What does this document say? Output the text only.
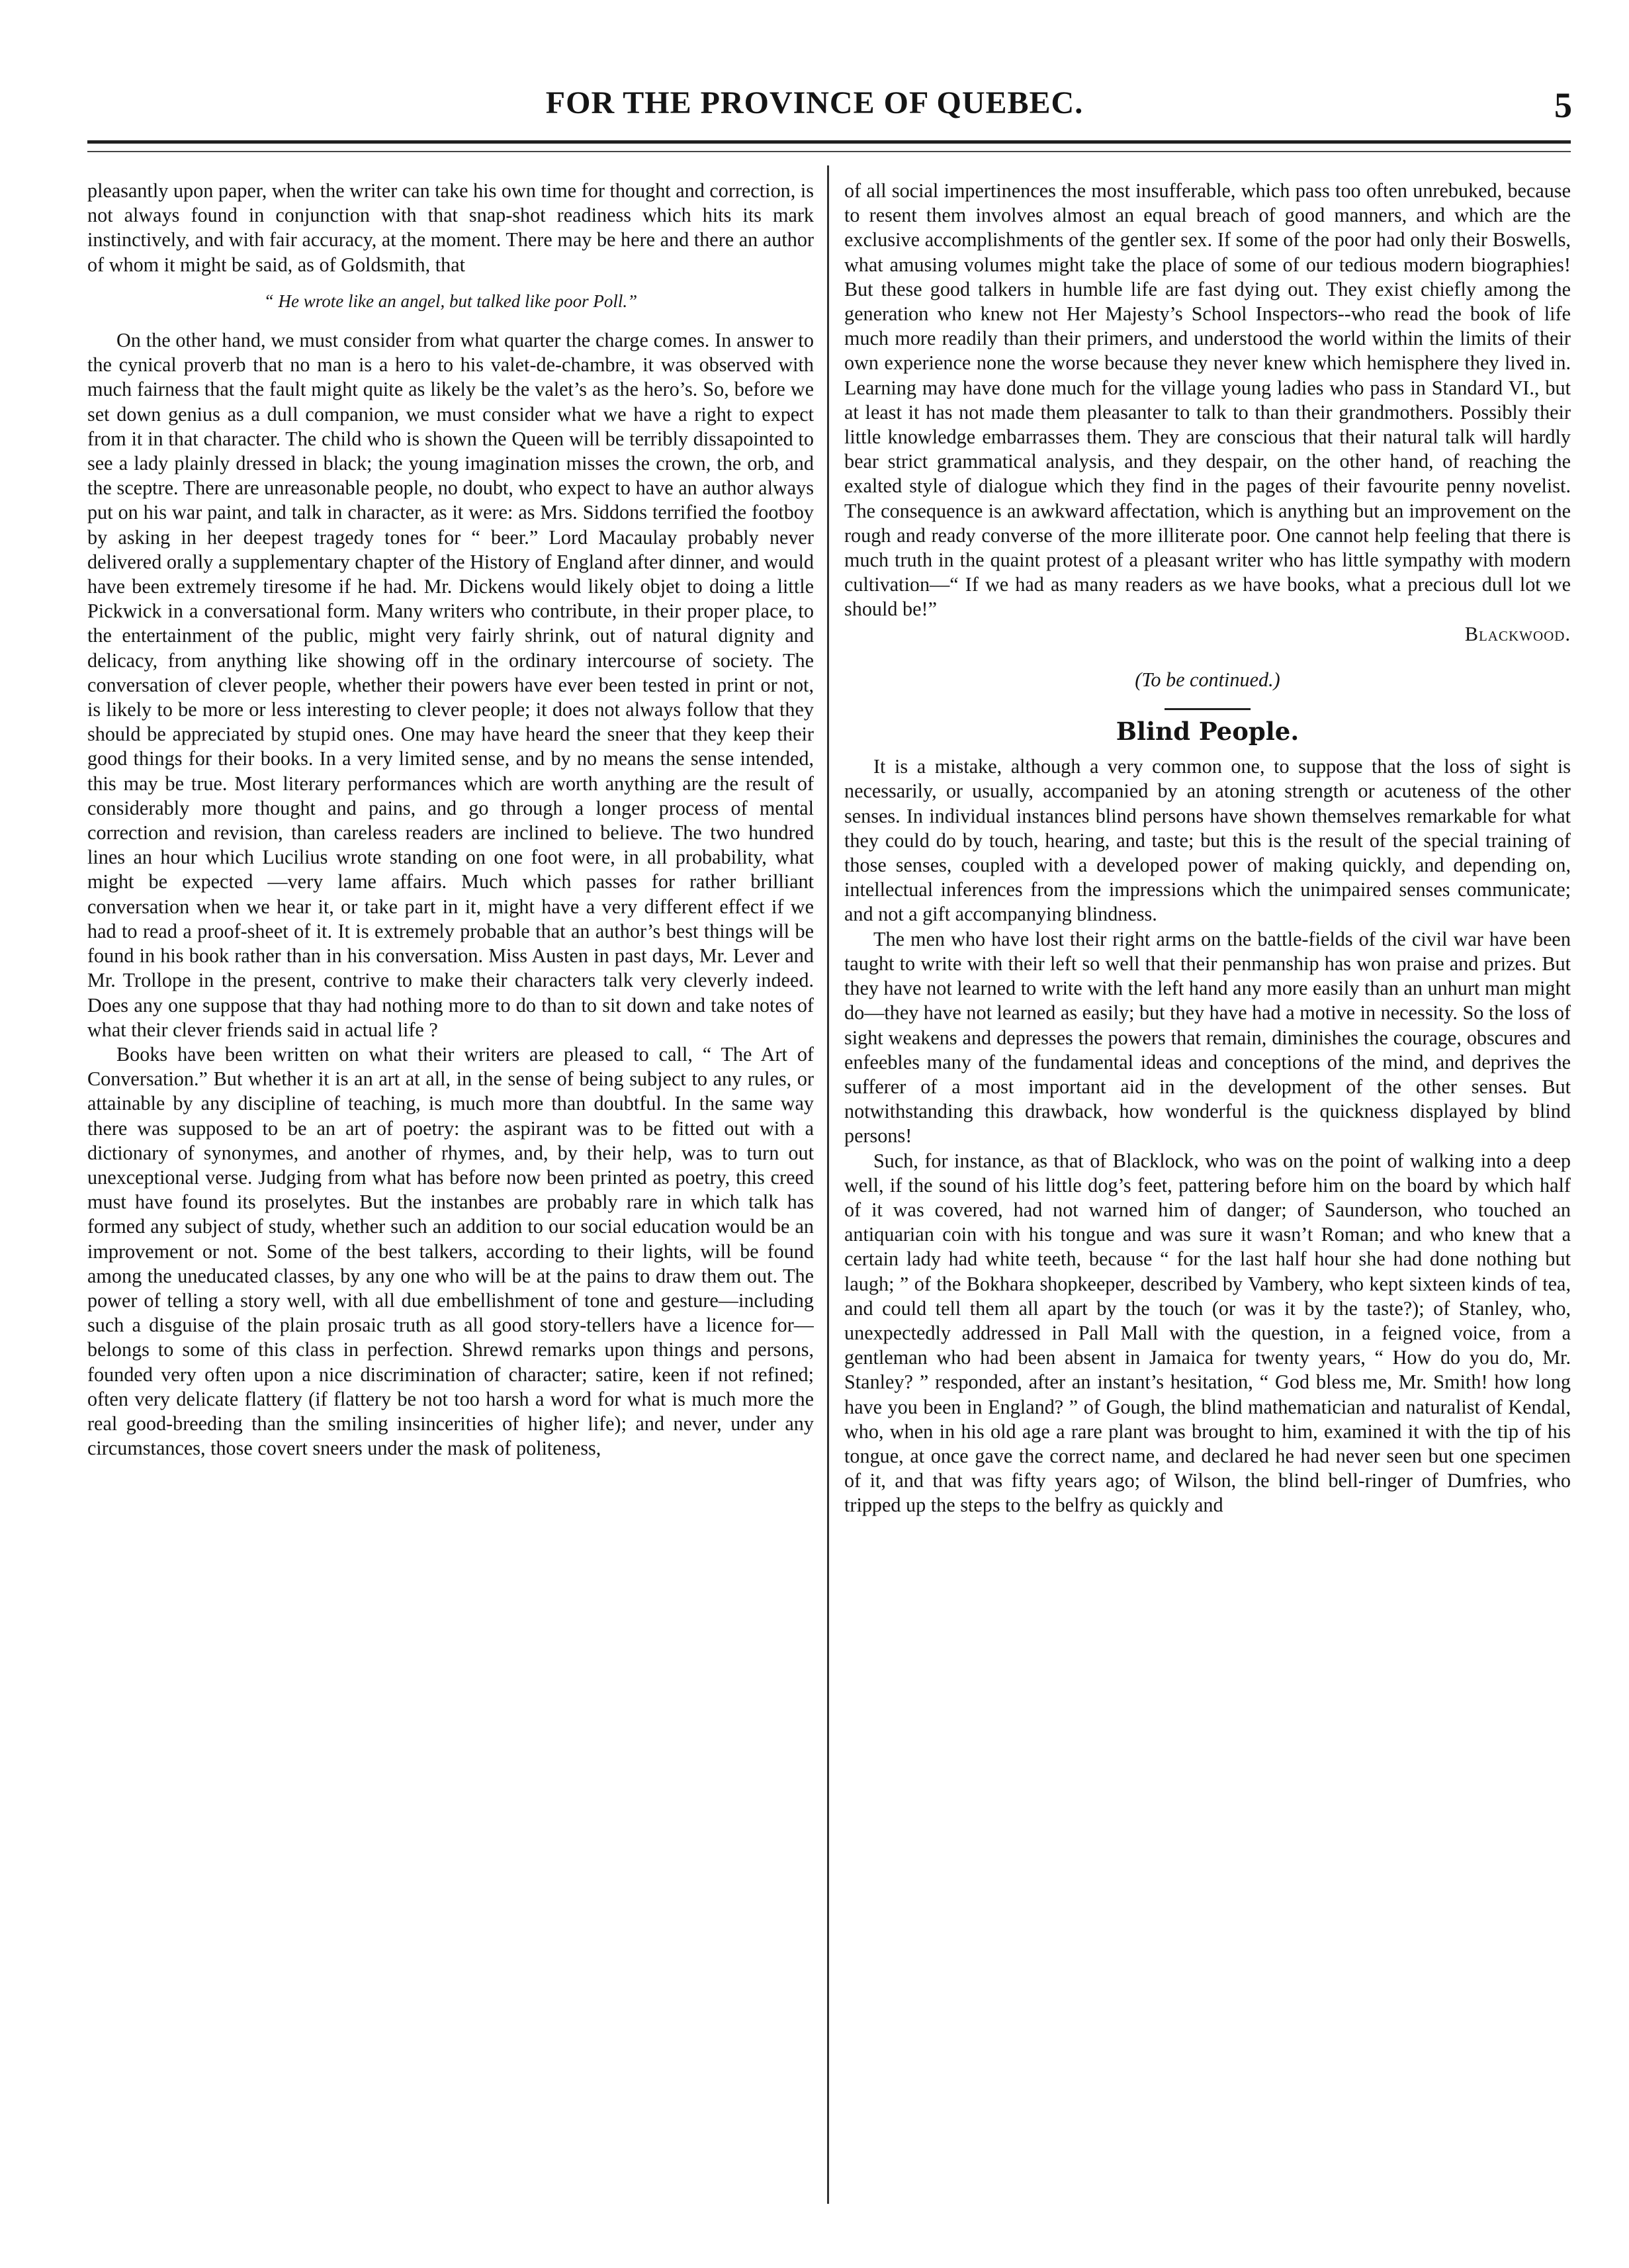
FOR THE PROVINCE OF QUEBEC.	5

pleasantly upon paper, when the writer can take his own time for thought and correction, is not always found in conjunction with that snap-shot readiness which hits its mark instinctively, and with fair accuracy, at the moment. There may be here and there an author of whom it might be said, as of Goldsmith, that

“ He wrote like an angel, but talked like poor Poll.”

On the other hand, we must consider from what quarter the charge comes. In answer to the cynical proverb that no man is a hero to his valet-de-chambre, it was observed with much fairness that the fault might quite as likely be the valet’s as the hero’s. So, before we set down genius as a dull companion, we must consider what we have a right to expect from it in that character. The child who is shown the Queen will be terribly dissapointed to see a lady plainly dressed in black; the young imagination misses the crown, the orb, and the sceptre. There are unreasonable people, no doubt, who expect to have an author always put on his war paint, and talk in character, as it were: as Mrs. Siddons terrified the footboy by asking in her deepest tragedy tones for “ beer.” Lord Macaulay probably never delivered orally a supplementary chapter of the History of England after dinner, and would have been extremely tiresome if he had. Mr. Dickens would likely objet to doing a little Pickwick in a conversational form. Many writers who contribute, in their proper place, to the entertainment of the public, might very fairly shrink, out of natural dignity and delicacy, from anything like showing off in the ordinary intercourse of society. The conversation of clever people, whether their powers have ever been tested in print or not, is likely to be more or less interesting to clever people; it does not always follow that they should be appreciated by stupid ones. One may have heard the sneer that they keep their good things for their books. In a very limited sense, and by no means the sense intended, this may be true. Most literary performances which are worth anything are the result of considerably more thought and pains, and go through a longer process of mental correction and revision, than careless readers are inclined to believe. The two hundred lines an hour which Lucilius wrote standing on one foot were, in all probability, what might be expected —very lame affairs. Much which passes for rather brilliant conversation when we hear it, or take part in it, might have a very different effect if we had to read a proof-sheet of it. It is extremely probable that an author’s best things will be found in his book rather than in his conversation. Miss Austen in past days, Mr. Lever and Mr. Trollope in the present, contrive to make their characters talk very cleverly indeed. Does any one suppose that thay had nothing more to do than to sit down and take notes of what their clever friends said in actual life ?

Books have been written on what their writers are pleased to call, “ The Art of Conversation.” But whether it is an art at all, in the sense of being subject to any rules, or attainable by any discipline of teaching, is much more than doubtful. In the same way there was supposed to be an art of poetry: the aspirant was to be fitted out with a dictionary of synonymes, and another of rhymes, and, by their help, was to turn out unexceptional verse. Judging from what has before now been printed as poetry, this creed must have found its proselytes. But the instanbes are probably rare in which talk has formed any subject of study, whether such an addition to our social education would be an improvement or not. Some of the best talkers, according to their lights, will be found among the uneducated classes, by any one who will be at the pains to draw them out. The power of telling a story well, with all due embellishment of tone and gesture—including such a disguise of the plain prosaic truth as all good story-tellers have a licence for—belongs to some of this class in perfection. Shrewd remarks upon things and persons, founded very often upon a nice discrimination of character; satire, keen if not refined; often very delicate flattery (if flattery be not too harsh a word for what is much more the real good-breeding than the smiling insincerities of higher life); and never, under any circumstances, those covert sneers under the mask of politeness,

of all social impertinences the most insufferable, which pass too often unrebuked, because to resent them involves almost an equal breach of good manners, and which are the exclusive accomplishments of the gentler sex. If some of the poor had only their Boswells, what amusing volumes might take the place of some of our tedious modern biographies! But these good talkers in humble life are fast dying out. They exist chiefly among the generation who knew not Her Majesty’s School Inspectors--who read the book of life much more readily than their primers, and understood the world within the limits of their own experience none the worse because they never knew which hemisphere they lived in. Learning may have done much for the village young ladies who pass in Standard VI., but at least it has not made them pleasanter to talk to than their grandmothers. Possibly their little knowledge embarrasses them. They are conscious that their natural talk will hardly bear strict grammatical analysis, and they despair, on the other hand, of reaching the exalted style of dialogue which they find in the pages of their favourite penny novelist. The consequence is an awkward affectation, which is anything but an improvement on the rough and ready converse of the more illiterate poor. One cannot help feeling that there is much truth in the quaint protest of a pleasant writer who has little sympathy with modern cultivation—“ If we had as many readers as we have books, what a precious dull lot we should be!”

Blackwood.
(To be continued.)
Blind People.

It is a mistake, although a very common one, to suppose that the loss of sight is necessarily, or usually, accompanied by an atoning strength or acuteness of the other senses. In individual instances blind persons have shown themselves remarkable for what they could do by touch, hearing, and taste; but this is the result of the special training of those senses, coupled with a developed power of making quickly, and depending on, intellectual inferences from the impressions which the unimpaired senses communicate; and not a gift accompanying blindness.

The men who have lost their right arms on the battle-fields of the civil war have been taught to write with their left so well that their penmanship has won praise and prizes. But they have not learned to write with the left hand any more easily than an unhurt man might do—they have not learned as easily; but they have had a motive in necessity. So the loss of sight weakens and depresses the powers that remain, diminishes the courage, obscures and enfeebles many of the fundamental ideas and conceptions of the mind, and deprives the sufferer of a most important aid in the development of the other senses. But notwithstanding this drawback, how wonderful is the quickness displayed by blind persons!

Such, for instance, as that of Blacklock, who was on the point of walking into a deep well, if the sound of his little dog’s feet, pattering before him on the board by which half of it was covered, had not warned him of danger; of Saunderson, who touched an antiquarian coin with his tongue and was sure it wasn’t Roman; and who knew that a certain lady had white teeth, because “ for the last half hour she had done nothing but laugh; ” of the Bokhara shopkeeper, described by Vambery, who kept sixteen kinds of tea, and could tell them all apart by the touch (or was it by the taste?); of Stanley, who, unexpectedly addressed in Pall Mall with the question, in a feigned voice, from a gentleman who had been absent in Jamaica for twenty years, “ How do you do, Mr. Stanley? ” responded, after an instant’s hesitation, “ God bless me, Mr. Smith! how long have you been in England? ” of Gough, the blind mathematician and naturalist of Kendal, who, when in his old age a rare plant was brought to him, examined it with the tip of his tongue, at once gave the correct name, and declared he had never seen but one specimen of it, and that was fifty years ago; of Wilson, the blind bell-ringer of Dumfries, who tripped up the steps to the belfry as quickly and
